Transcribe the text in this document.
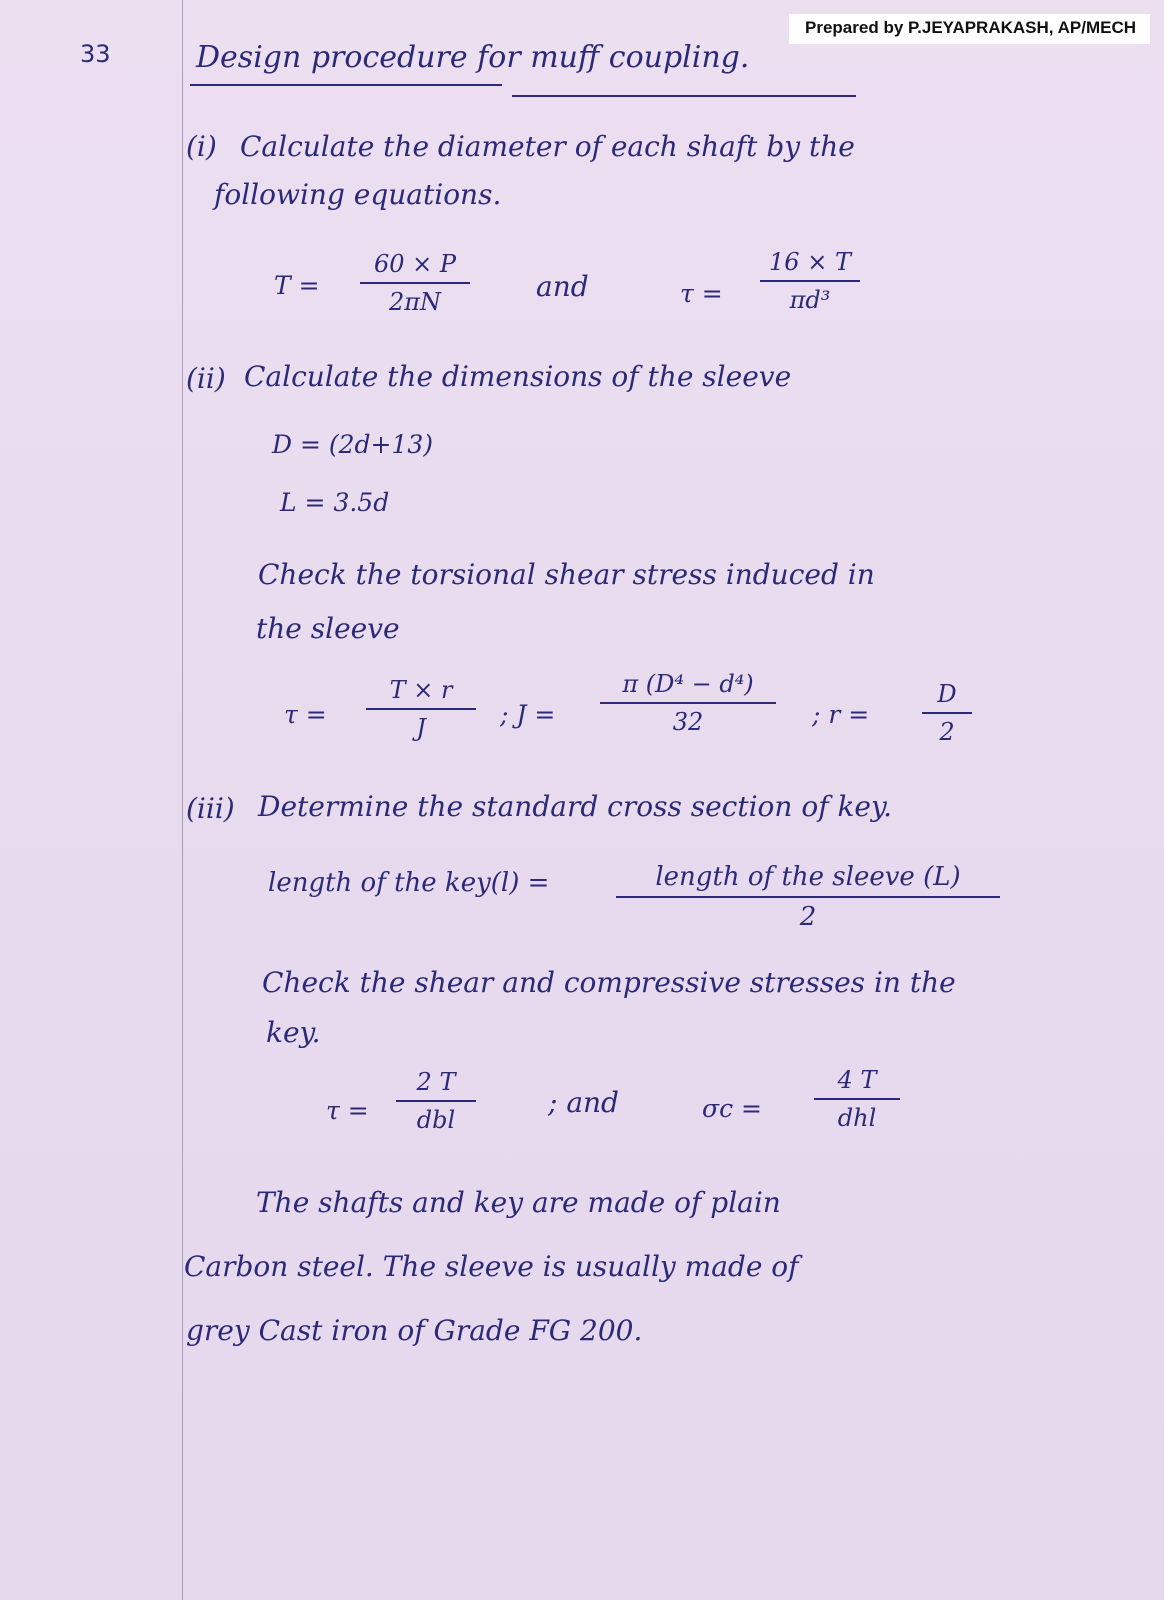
Prepared by P.JEYAPRAKASH, AP/MECH
33	Design procedure for muff coupling.
(i) Calculate the diameter of each shaft by the
following equations.
T =
60 × P
2πN	and	τ =
16 × T
πd³
(ii) Calculate the dimensions of the sleeve
D = (2d+13)
L = 3.5d
Check the torsional shear stress induced in
the sleeve
τ =
T × r
J	; J =
π (D⁴ − d⁴)
32	; r =
D
2
(iii) Determine the standard cross section of key.
length of the key(l) =	length of the sleeve (L)
2
Check the shear and compressive stresses in the
key.
τ =
2 T
dbl
; and	σc =
4 T
dhl
The shafts and key are made of plain
Carbon steel. The sleeve is usually made of
grey Cast iron of Grade FG 200.
